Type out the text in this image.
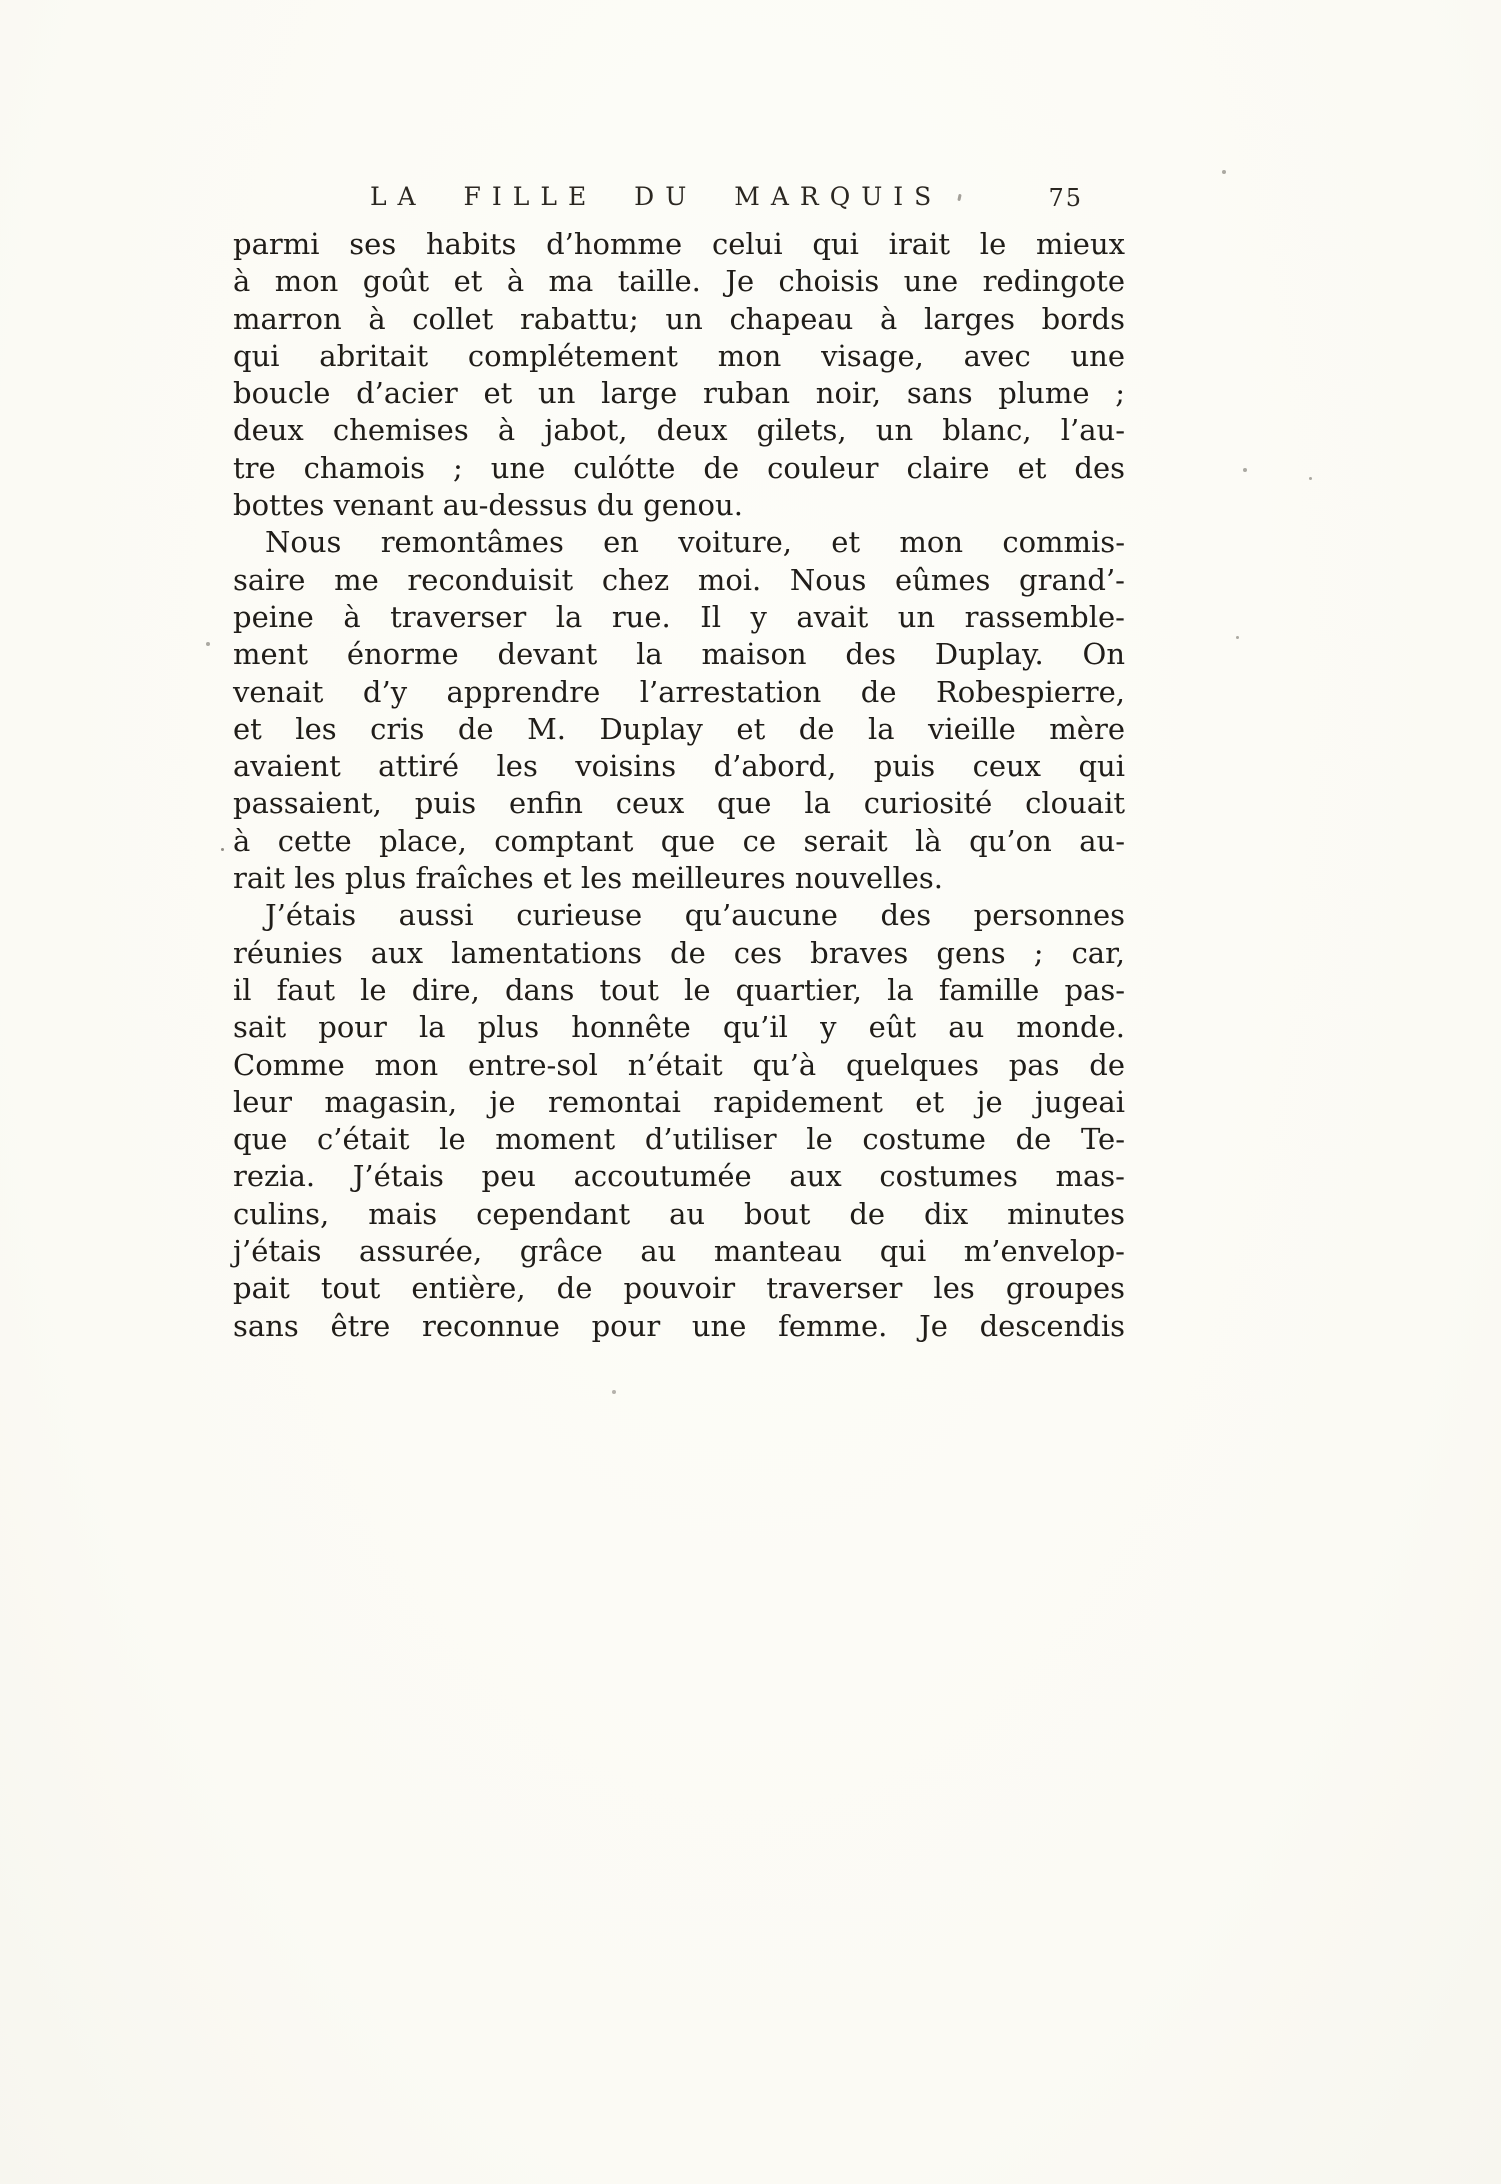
LA FILLE DU MARQUIS	75

parmi ses habits d’homme celui qui irait le mieux
à mon goût et à ma taille. Je choisis une redingote
marron à collet rabattu; un chapeau à larges bords
qui abritait complétement mon visage, avec une
boucle d’acier et un large ruban noir, sans plume ;
deux chemises à jabot, deux gilets, un blanc, l’au-
tre chamois ; une culótte de couleur claire et des
bottes venant au-dessus du genou.

Nous remontâmes en voiture, et mon commis-
saire me reconduisit chez moi. Nous eûmes grand’-
peine à traverser la rue. Il y avait un rassemble-
ment énorme devant la maison des Duplay. On
venait d’y apprendre l’arrestation de Robespierre,
et les cris de M. Duplay et de la vieille mère
avaient attiré les voisins d’abord, puis ceux qui
passaient, puis enfin ceux que la curiosité clouait
à cette place, comptant que ce serait là qu’on au-
rait les plus fraîches et les meilleures nouvelles.

J’étais aussi curieuse qu’aucune des personnes
réunies aux lamentations de ces braves gens ; car,
il faut le dire, dans tout le quartier, la famille pas-
sait pour la plus honnête qu’il y eût au monde.
Comme mon entre-sol n’était qu’à quelques pas de
leur magasin, je remontai rapidement et je jugeai
que c’était le moment d’utiliser le costume de Te-
rezia. J’étais peu accoutumée aux costumes mas-
culins, mais cependant au bout de dix minutes
j’étais assurée, grâce au manteau qui m’envelop-
pait tout entière, de pouvoir traverser les groupes
sans être reconnue pour une femme. Je descendis
